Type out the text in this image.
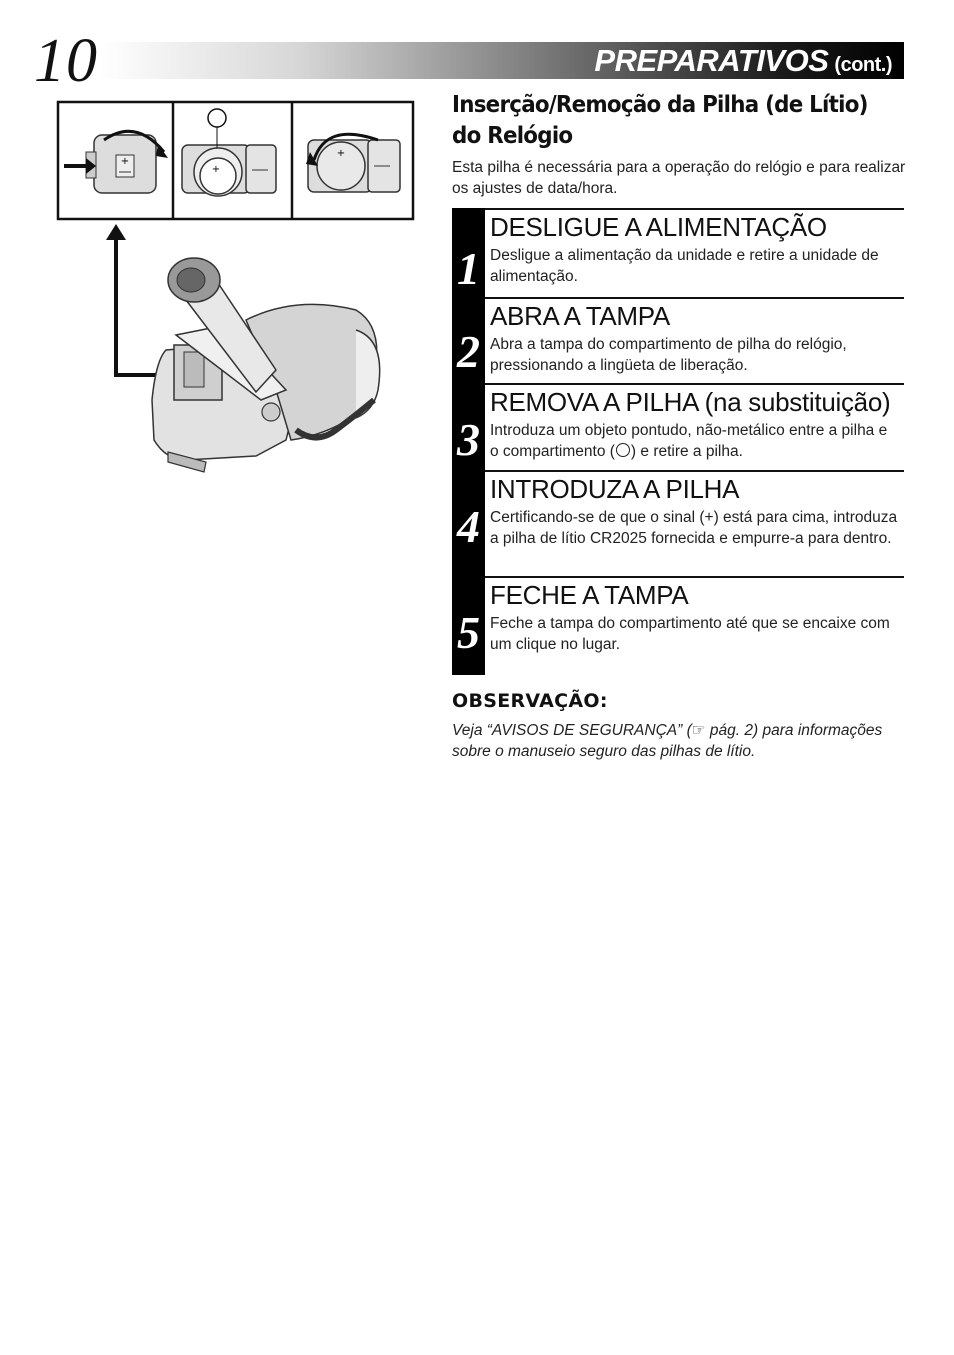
10	PREPARATIVOS (cont.)
+
+
+
Inserção/Remoção da Pilha (de Lítio) do Relógio
Esta pilha é necessária para a operação do relógio e para realizar os ajustes de data/hora.
1
DESLIGUE A ALIMENTAÇÃO
Desligue a alimentação da unidade e retire a unidade de alimentação.
2
ABRA A TAMPA
Abra a tampa do compartimento de pilha do relógio, pressionando a lingüeta de liberação.
3
REMOVA A PILHA (na substituição)
Introduza um objeto pontudo, não-metálico entre a pilha e o compartimento ( ) e retire a pilha.
4
INTRODUZA A PILHA
Certificando-se de que o sinal (+) está para cima, introduza a pilha de lítio CR2025 fornecida e empurre-a para dentro.
5
FECHE A TAMPA
Feche a tampa do compartimento até que se encaixe com um clique no lugar.
OBSERVAÇÃO:
Veja “AVISOS DE SEGURANÇA” (☞ pág. 2) para informações sobre o manuseio seguro das pilhas de lítio.
